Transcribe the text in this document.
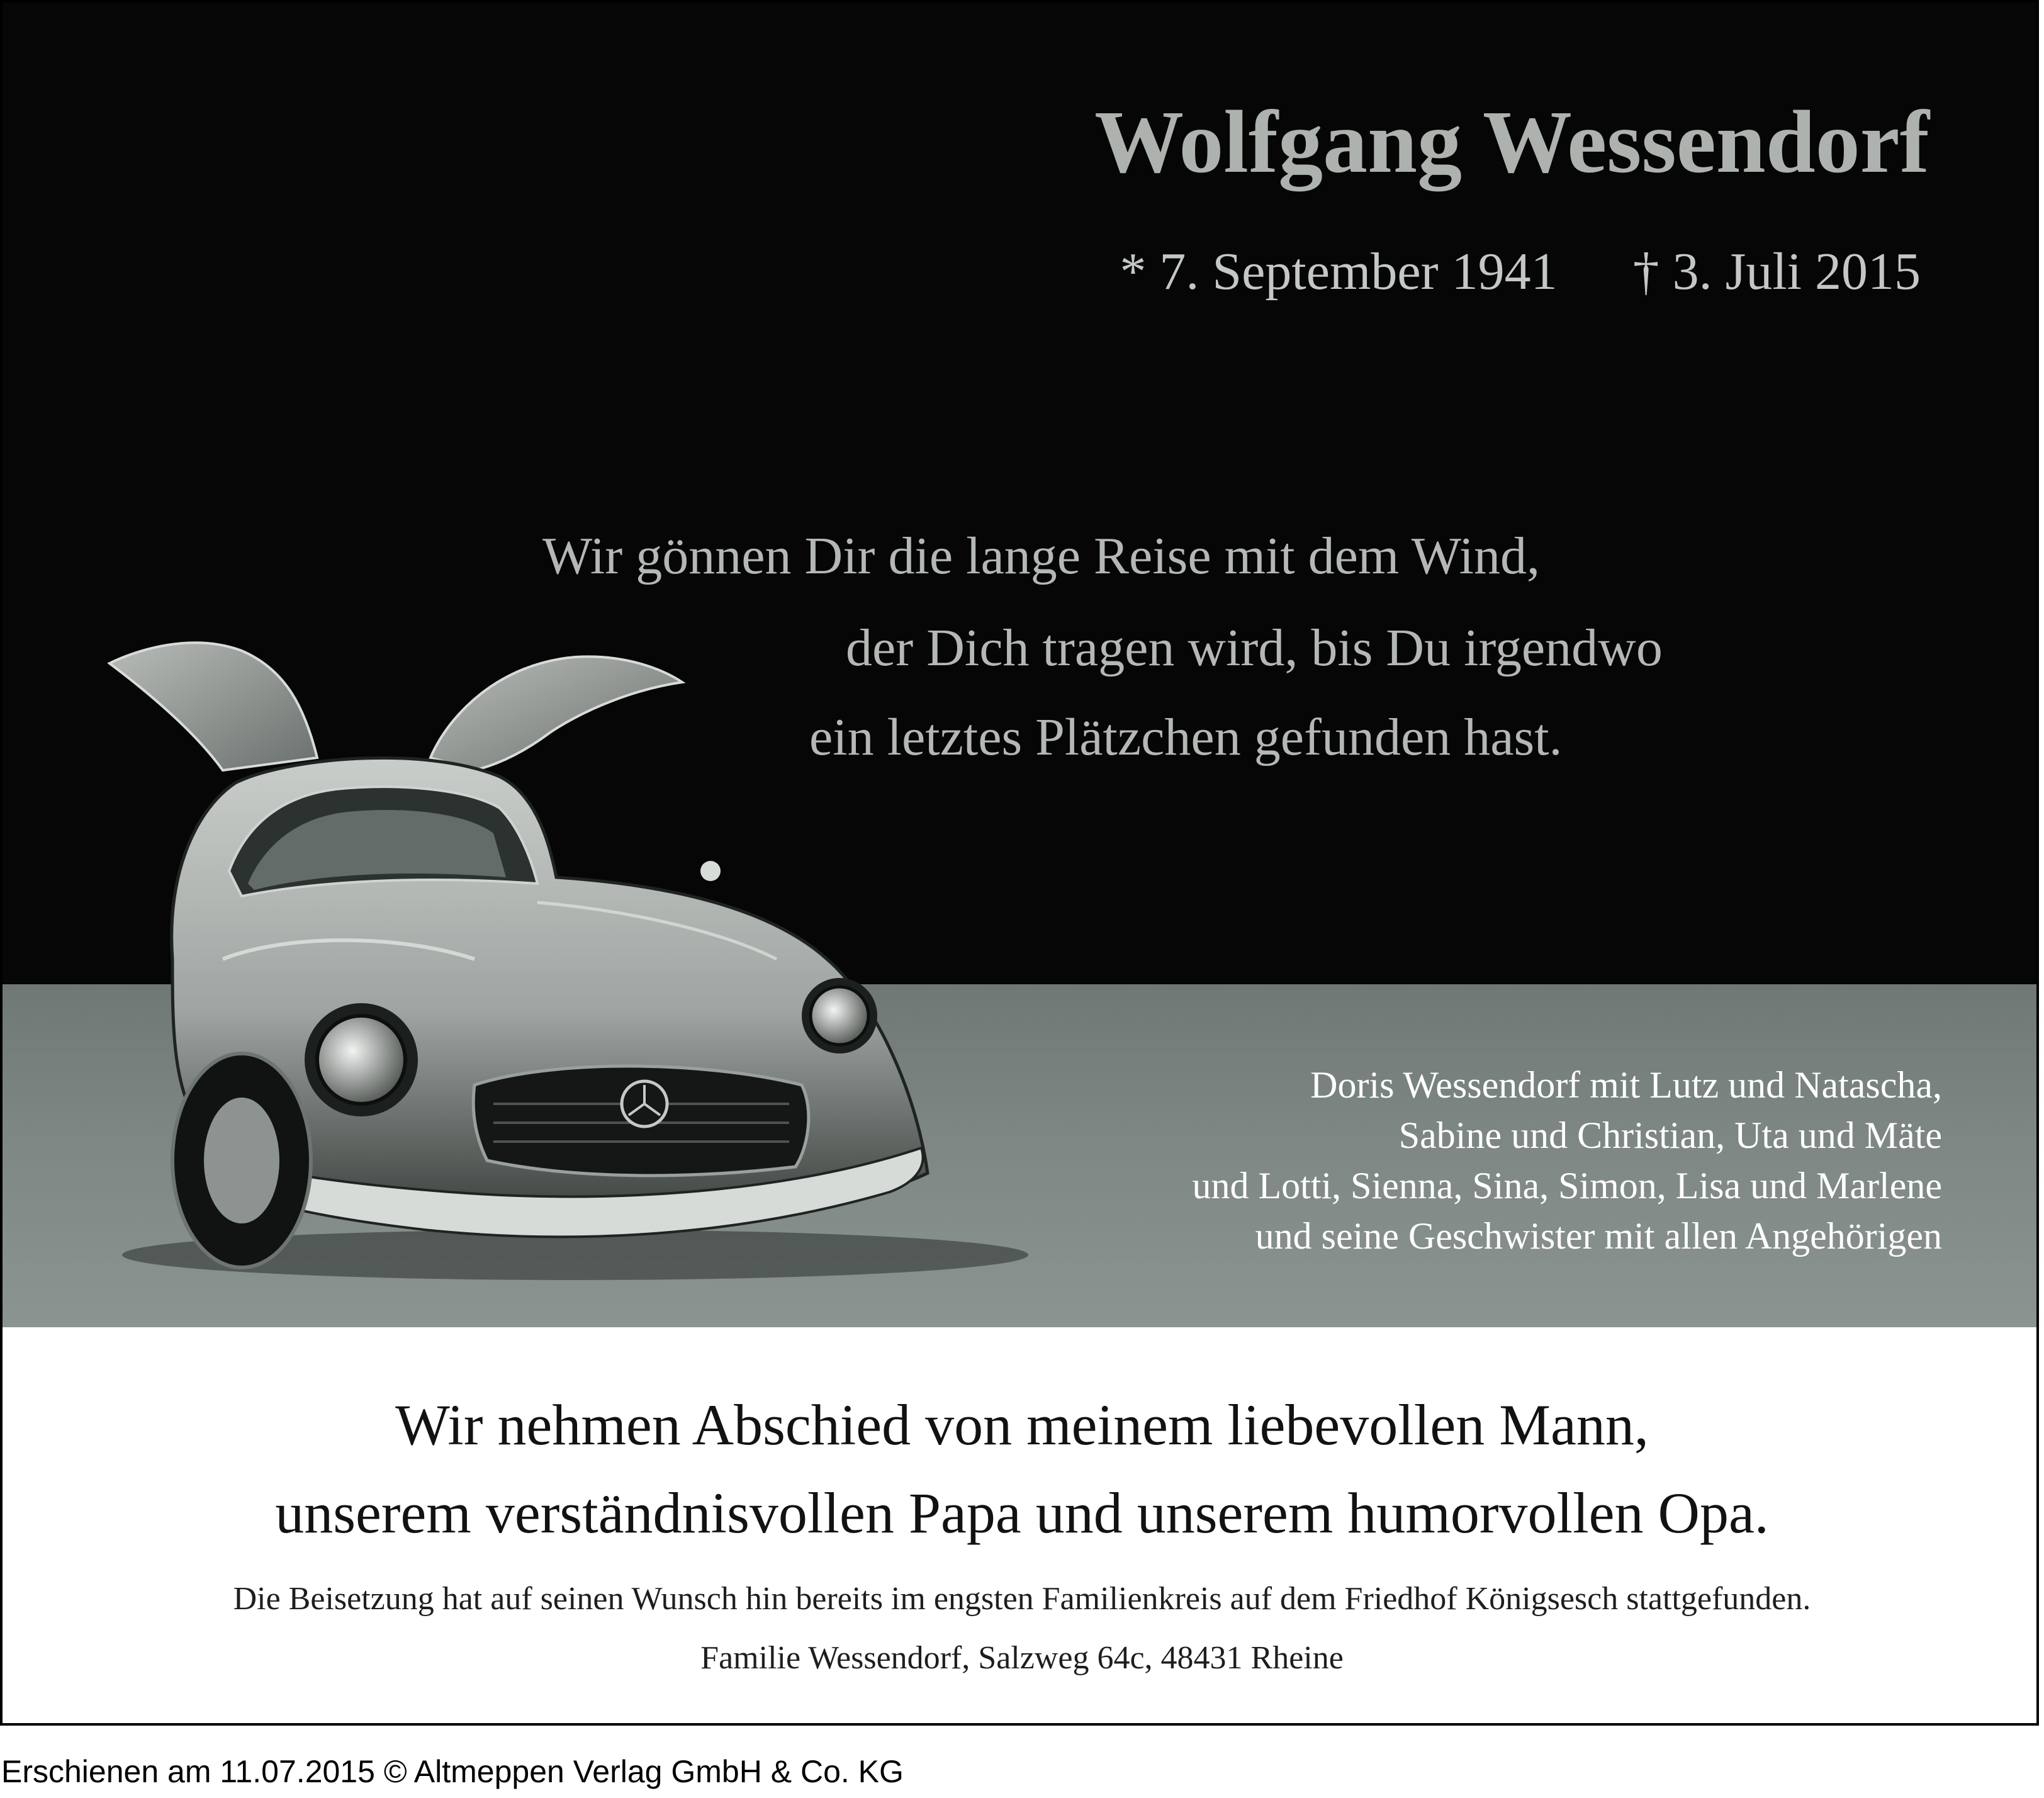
Wolfgang Wessendorf

* 7. September 1941 † 3. Juli 2015

Wir gönnen Dir die lange Reise mit dem Wind,

der Dich tragen wird, bis Du irgendwo

ein letztes Plätzchen gefunden hast.

Doris Wessendorf mit Lutz und Natascha,
Sabine und Christian, Uta und Mäte
und Lotti, Sienna, Sina, Simon, Lisa und Marlene
und seine Geschwister mit allen Angehörigen
Wir nehmen Abschied von meinem liebevollen Mann,
unserem verständnisvollen Papa und unserem humorvollen Opa.
Die Beisetzung hat auf seinen Wunsch hin bereits im engsten Familienkreis auf dem Friedhof Königsesch stattgefunden.
Familie Wessendorf, Salzweg 64c, 48431 Rheine

Erschienen am 11.07.2015 © Altmeppen Verlag GmbH & Co. KG
